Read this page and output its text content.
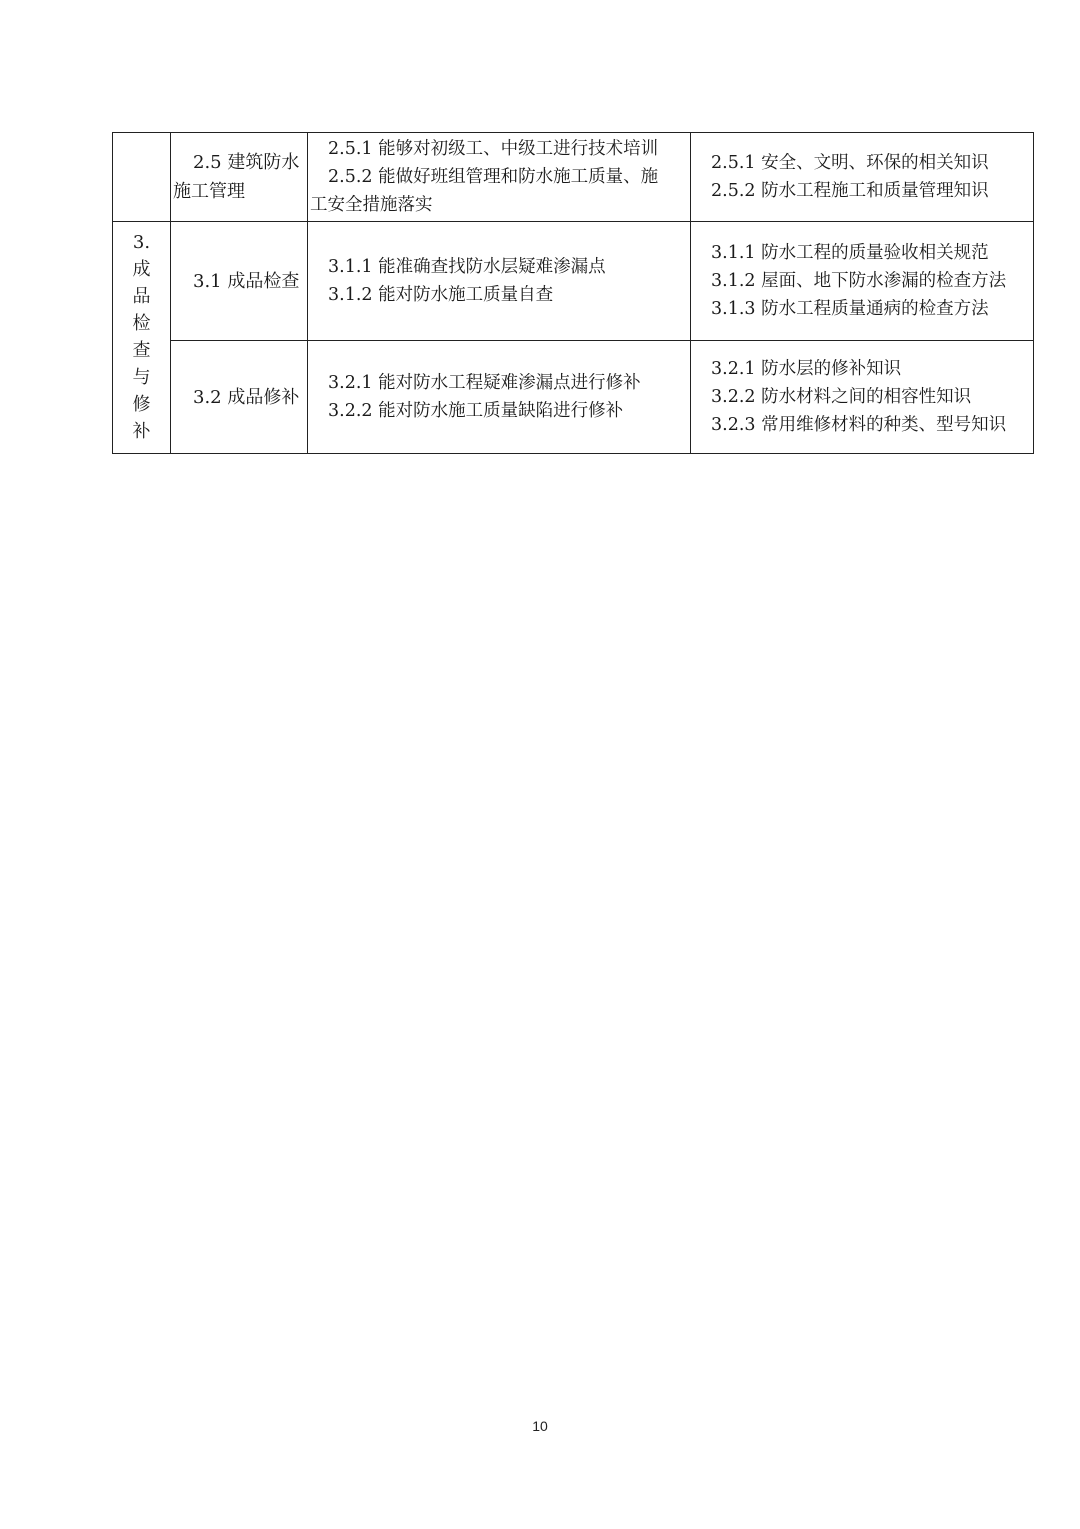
	2.5 建筑防水施工管理	2.5.1 能够对初级工、中级工进行技术培训
2.5.2 能做好班组管理和防水施工质量、施
工安全措施落实	2.5.1 安全、文明、环保的相关知识
2.5.2 防水工程施工和质量管理知识

3.成品检查与修补	3.1 成品检查	3.1.1 能准确查找防水层疑难渗漏点
3.1.2 能对防水施工质量自查	3.1.1 防水工程的质量验收相关规范
3.1.2 屋面、地下防水渗漏的检查方法
3.1.3 防水工程质量通病的检查方法

	3.2 成品修补	3.2.1 能对防水工程疑难渗漏点进行修补
3.2.2 能对防水施工质量缺陷进行修补	3.2.1 防水层的修补知识
3.2.2 防水材料之间的相容性知识
3.2.3 常用维修材料的种类、型号知识
10
